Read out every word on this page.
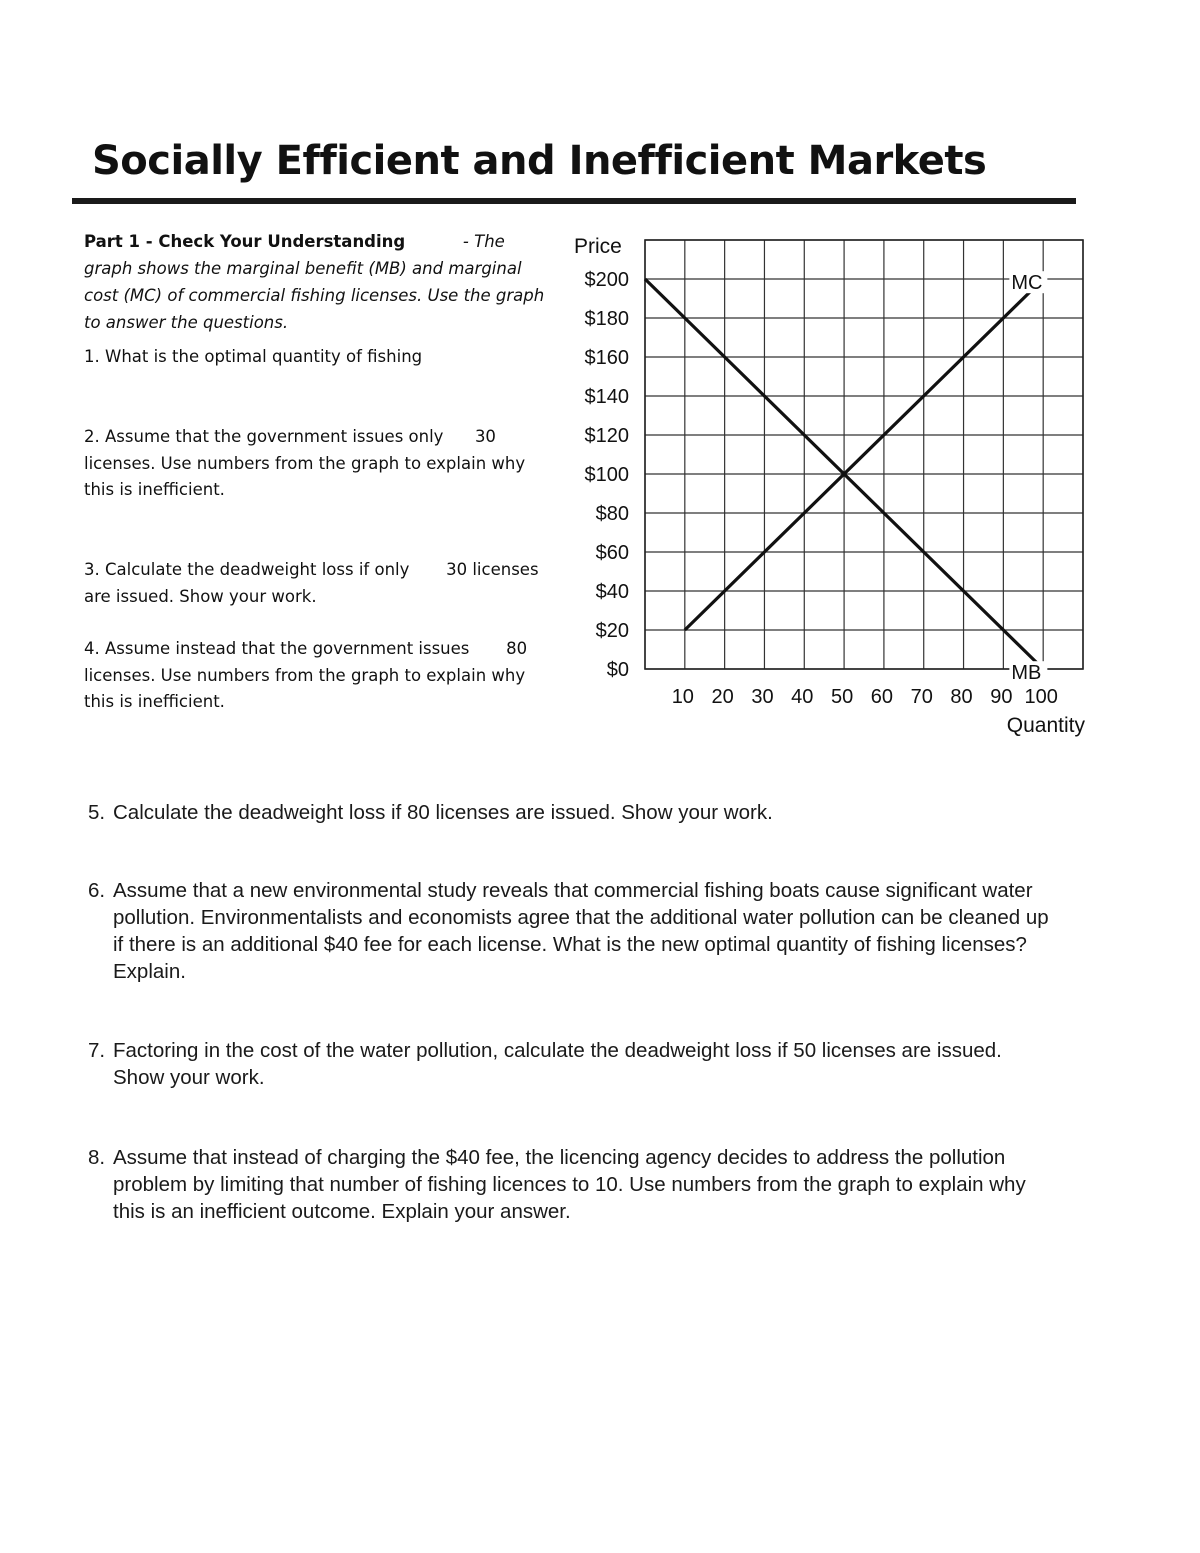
Socially Efficient and Inefficient Markets

Part 1 - Check Your Understanding	- The graph shows the marginal benefit (MB) and marginal cost (MC) of commercial fishing licenses. Use the graph to answer the questions.

1. What is the optimal quantity of fishing
2. Assume that the government issues only 30 licenses. Use numbers from the graph to explain why this is inefficient.
3. Calculate the deadweight loss if only 30 licenses are issued. Show your work.
4. Assume instead that the government issues 80 licenses. Use numbers from the graph to explain why this is inefficient.
MC
MB
$0
$20
$40
$60
$80
$100
$120
$140
$160
$180
$200
10 20 30 40 50 60 70 80 90 100
Price
Quantity
5. Calculate the deadweight loss if 80 licenses are issued. Show your work.
6. Assume that a new environmental study reveals that commercial fishing boats cause significant water pollution. Environmentalists and economists agree that the additional water pollution can be cleaned up if there is an additional $40 fee for each license. What is the new optimal quantity of fishing licenses? Explain.
7. Factoring in the cost of the water pollution, calculate the deadweight loss if 50 licenses are issued. Show your work.
8. Assume that instead of charging the $40 fee, the licencing agency decides to address the pollution problem by limiting that number of fishing licences to 10. Use numbers from the graph to explain why this is an inefficient outcome. Explain your answer.
